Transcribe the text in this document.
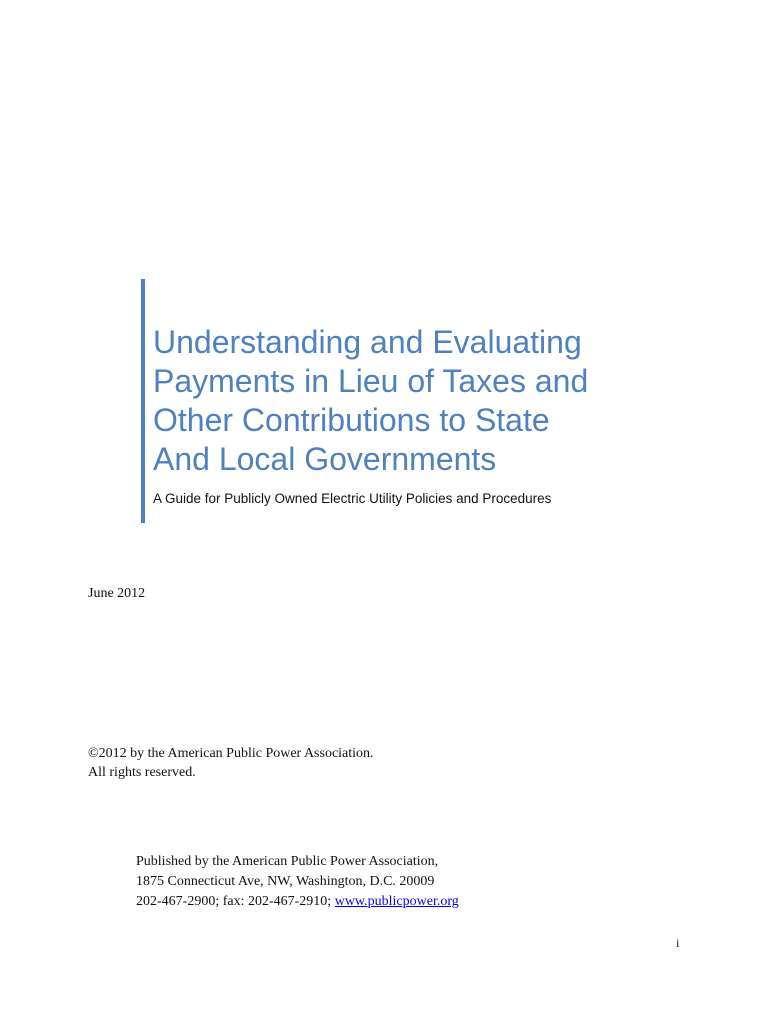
Understanding and Evaluating
Payments in Lieu of Taxes and
Other Contributions to State
And Local Governments
A Guide for Publicly Owned Electric Utility Policies and Procedures
June 2012
©2012 by the American Public Power Association.
All rights reserved.
Published by the American Public Power Association,
1875 Connecticut Ave, NW, Washington, D.C. 20009
202-467-2900; fax: 202-467-2910; www.publicpower.org
i
